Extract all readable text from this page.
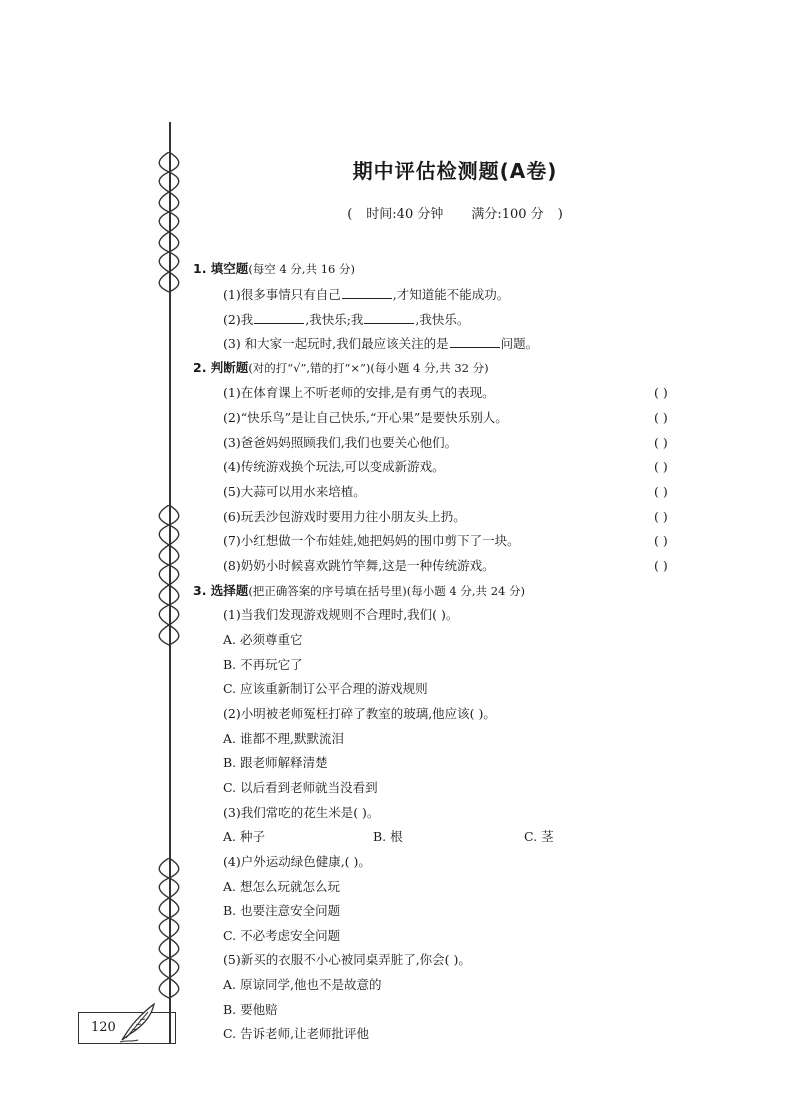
期中评估检测题(A卷)
( 时间:40 分钟 满分:100 分 )
1. 填空题(每空 4 分,共 16 分)
(1)很多事情只有自己	,才知道能不能成功。
(2)我	,我快乐;我	,我快乐。
(3) 和大家一起玩时,我们最应该关注的是	问题。
2. 判断题(对的打“√”,错的打“×”)(每小题 4 分,共 32 分)
(1)在体育课上不听老师的安排,是有勇气的表现。	( )
(2)“快乐鸟”是让自己快乐,“开心果”是要快乐别人。	( )
(3)爸爸妈妈照顾我们,我们也要关心他们。	( )
(4)传统游戏换个玩法,可以变成新游戏。	( )
(5)大蒜可以用水来培植。	( )
(6)玩丢沙包游戏时要用力往小朋友头上扔。	( )
(7)小红想做一个布娃娃,她把妈妈的围巾剪下了一块。	( )
(8)奶奶小时候喜欢跳竹竿舞,这是一种传统游戏。	( )
3. 选择题(把正确答案的序号填在括号里)(每小题 4 分,共 24 分)
(1)当我们发现游戏规则不合理时,我们( )。
A. 必须尊重它
B. 不再玩它了
C. 应该重新制订公平合理的游戏规则
(2)小明被老师冤枉打碎了教室的玻璃,他应该( )。
A. 谁都不理,默默流泪
B. 跟老师解释清楚
C. 以后看到老师就当没看到
(3)我们常吃的花生米是( )。
A. 种子	B. 根	C. 茎
(4)户外运动绿色健康,( )。
A. 想怎么玩就怎么玩
B. 也要注意安全问题
C. 不必考虑安全问题
(5)新买的衣服不小心被同桌弄脏了,你会( )。
A. 原谅同学,他也不是故意的
B. 要他赔
C. 告诉老师,让老师批评他
120
